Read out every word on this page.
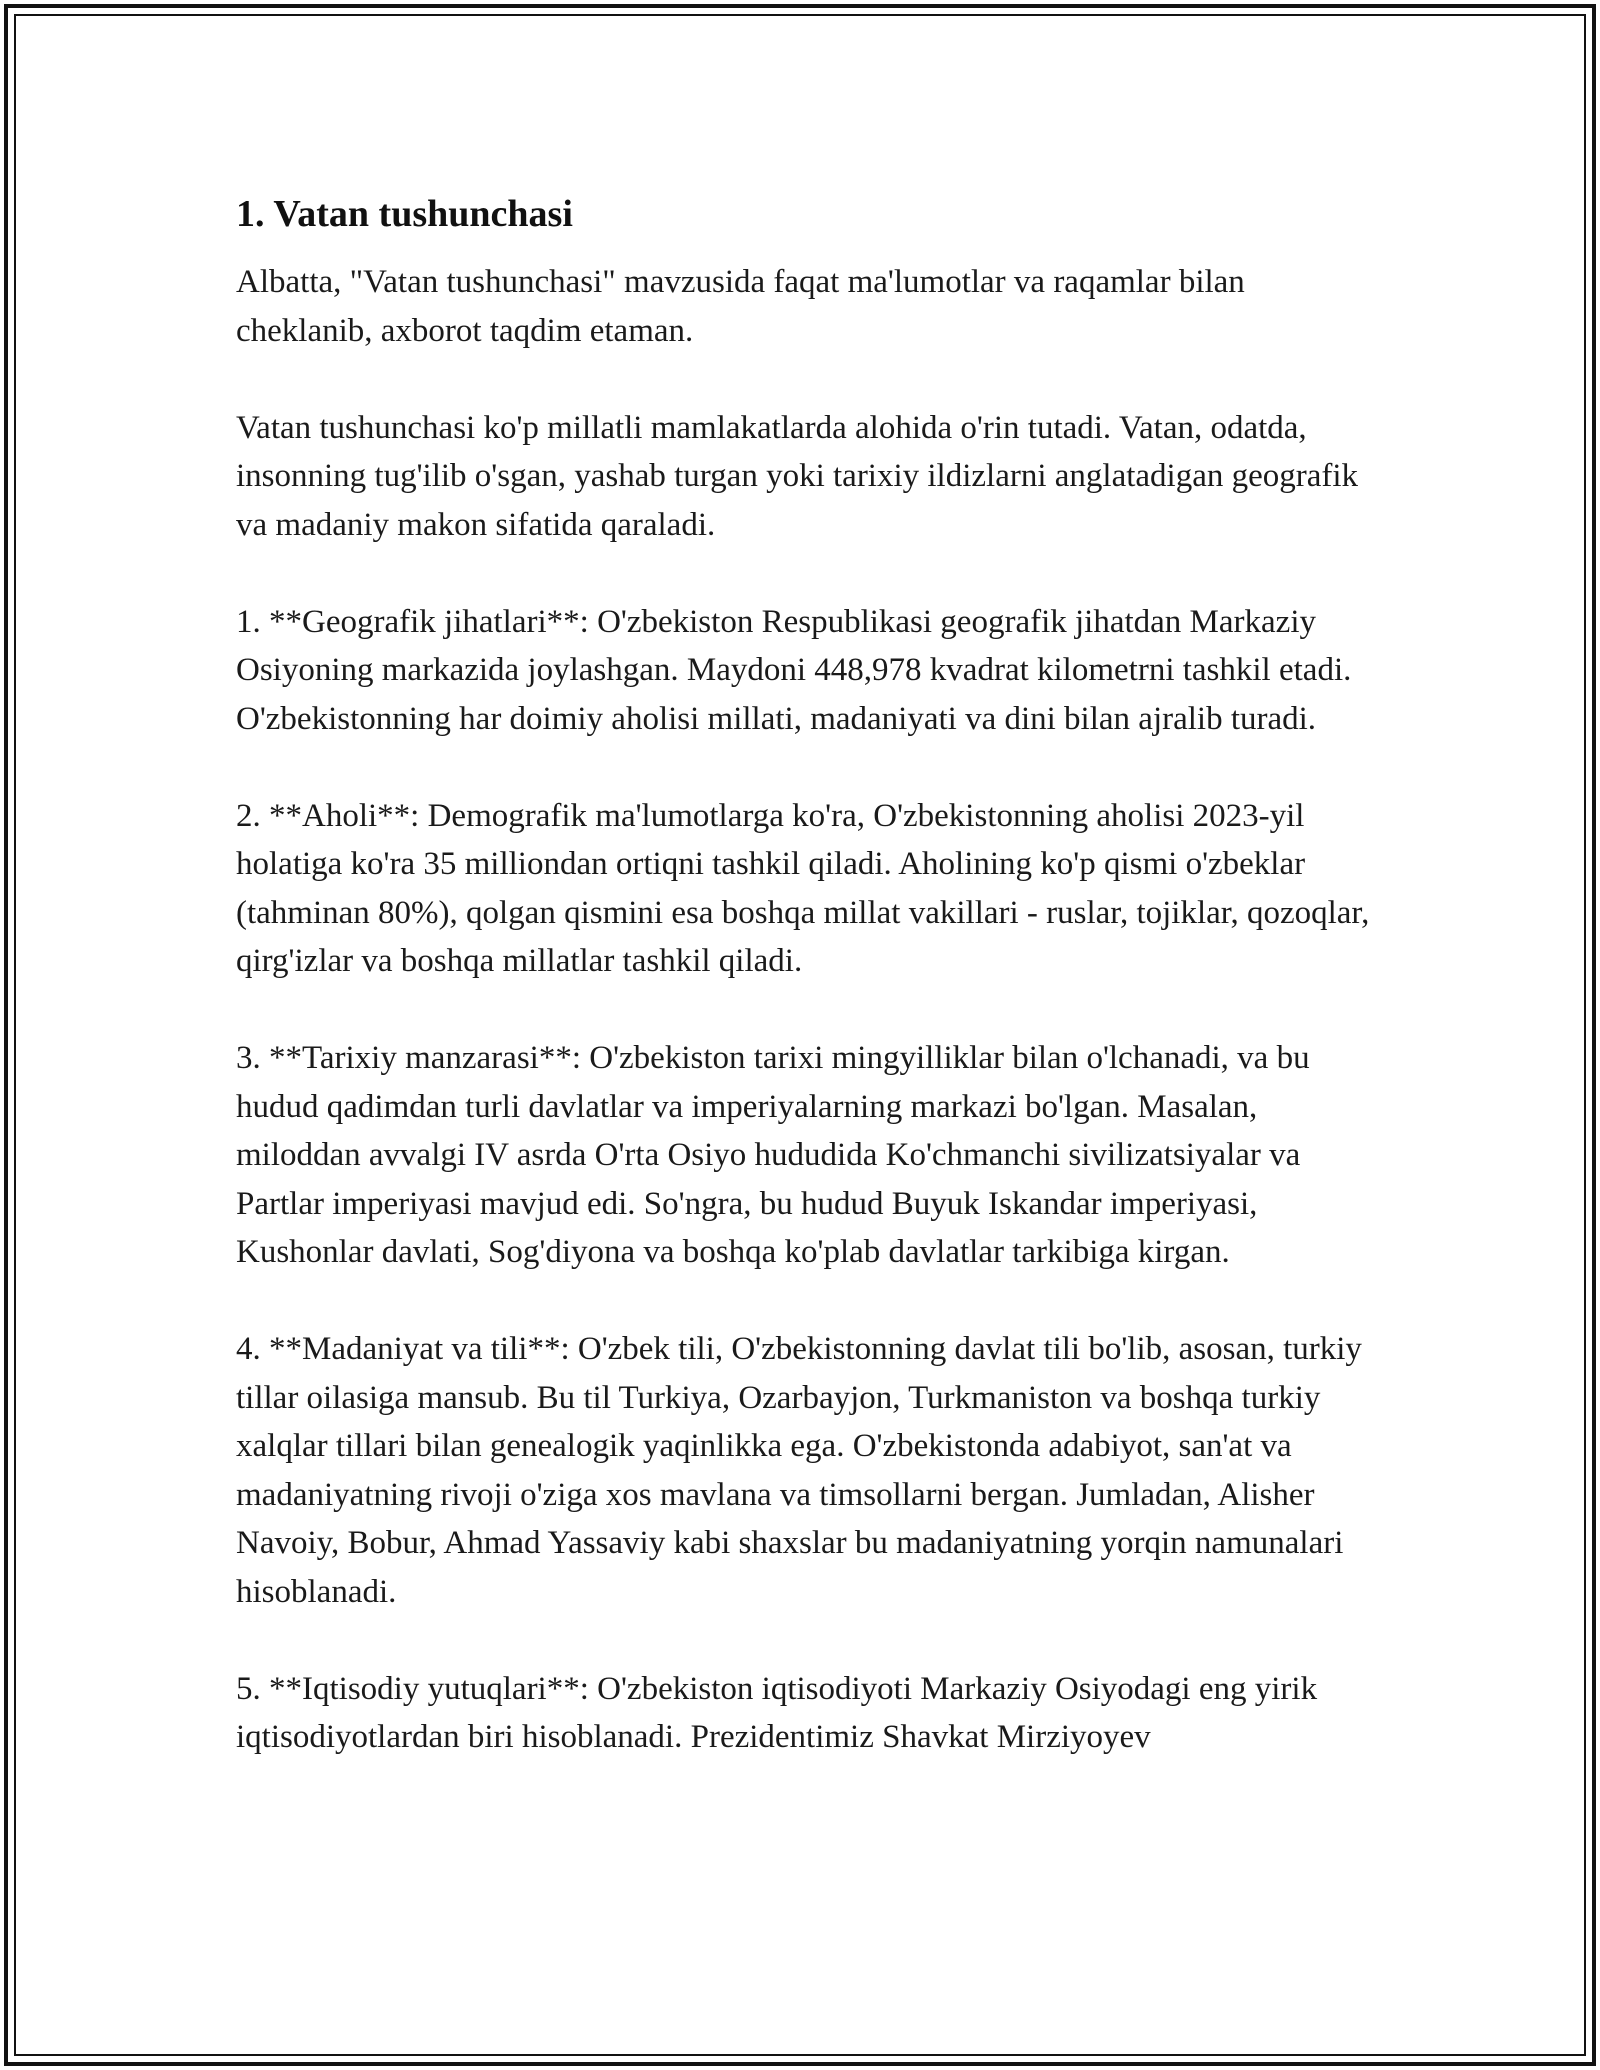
1. Vatan tushunchasi

Albatta, "Vatan tushunchasi" mavzusida faqat ma'lumotlar va raqamlar bilan cheklanib, axborot taqdim etaman.

Vatan tushunchasi ko'p millatli mamlakatlarda alohida o'rin tutadi. Vatan, odatda, insonning tug'ilib o'sgan, yashab turgan yoki tarixiy ildizlarni anglatadigan geografik va madaniy makon sifatida qaraladi.

1. **Geografik jihatlari**: O'zbekiston Respublikasi geografik jihatdan Markaziy Osiyoning markazida joylashgan. Maydoni 448,978 kvadrat kilometrni tashkil etadi. O'zbekistonning har doimiy aholisi millati, madaniyati va dini bilan ajralib turadi.

2. **Aholi**: Demografik ma'lumotlarga ko'ra, O'zbekistonning aholisi 2023-yil holatiga ko'ra 35 milliondan ortiqni tashkil qiladi. Aholining ko'p qismi o'zbeklar (tahminan 80%), qolgan qismini esa boshqa millat vakillari - ruslar, tojiklar, qozoqlar, qirg'izlar va boshqa millatlar tashkil qiladi.

3. **Tarixiy manzarasi**: O'zbekiston tarixi mingyilliklar bilan o'lchanadi, va bu hudud qadimdan turli davlatlar va imperiyalarning markazi bo'lgan. Masalan, miloddan avvalgi IV asrda O'rta Osiyo hududida Ko'chmanchi sivilizatsiyalar va Partlar imperiyasi mavjud edi. So'ngra, bu hudud Buyuk Iskandar imperiyasi, Kushonlar davlati, Sog'diyona va boshqa ko'plab davlatlar tarkibiga kirgan.

4. **Madaniyat va tili**: O'zbek tili, O'zbekistonning davlat tili bo'lib, asosan, turkiy tillar oilasiga mansub. Bu til Turkiya, Ozarbayjon, Turkmaniston va boshqa turkiy xalqlar tillari bilan genealogik yaqinlikka ega. O'zbekistonda adabiyot, san'at va madaniyatning rivoji o'ziga xos mavlana va timsollarni bergan. Jumladan, Alisher Navoiy, Bobur, Ahmad Yassaviy kabi shaxslar bu madaniyatning yorqin namunalari hisoblanadi.

5. **Iqtisodiy yutuqlari**: O'zbekiston iqtisodiyoti Markaziy Osiyodagi eng yirik iqtisodiyotlardan biri hisoblanadi. Prezidentimiz Shavkat Mirziyoyev
